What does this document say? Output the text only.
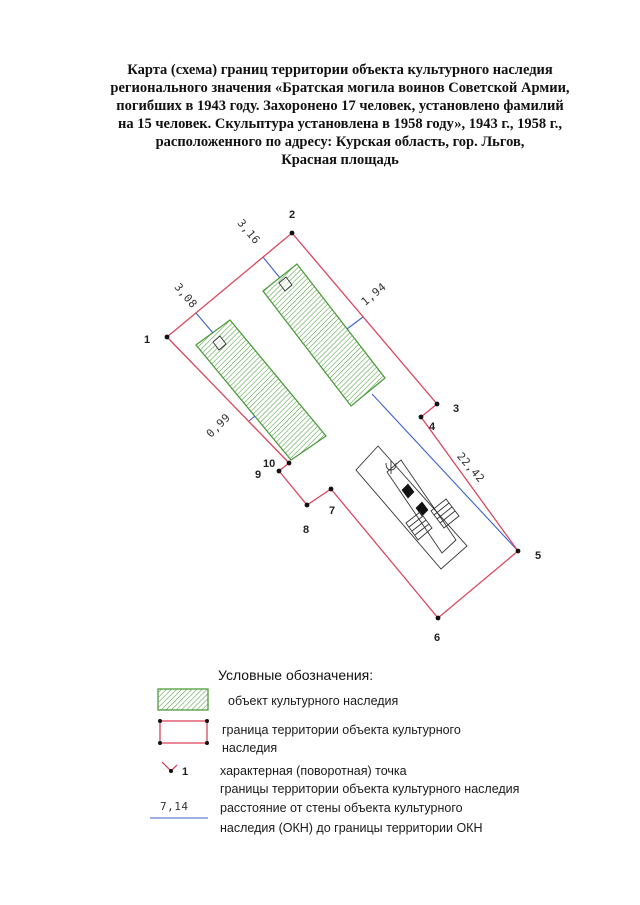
Карта (схема) границ территории объекта культурного наследия
регионального значения «Братская могила воинов Советской Армии,
погибших в 1943 году. Захоронено 17 человек, установлено фамилий
на 15 человек. Скульптура установлена в 1958 году», 1943 г., 1958 г.,
расположенного по адресу: Курская область, гор. Льгов,
Красная площадь
1
2
3
4
5
6
7
8
9
10
3,16
3,08	1,94
0,99
22,42
Условные обозначения:
1
7,14
объект культурного наследия
граница территории объекта культурного
наследия
характерная (поворотная) точка
границы территории объекта культурного наследия
расстояние от стены объекта культурного
наследия (ОКН) до границы территории ОКН
